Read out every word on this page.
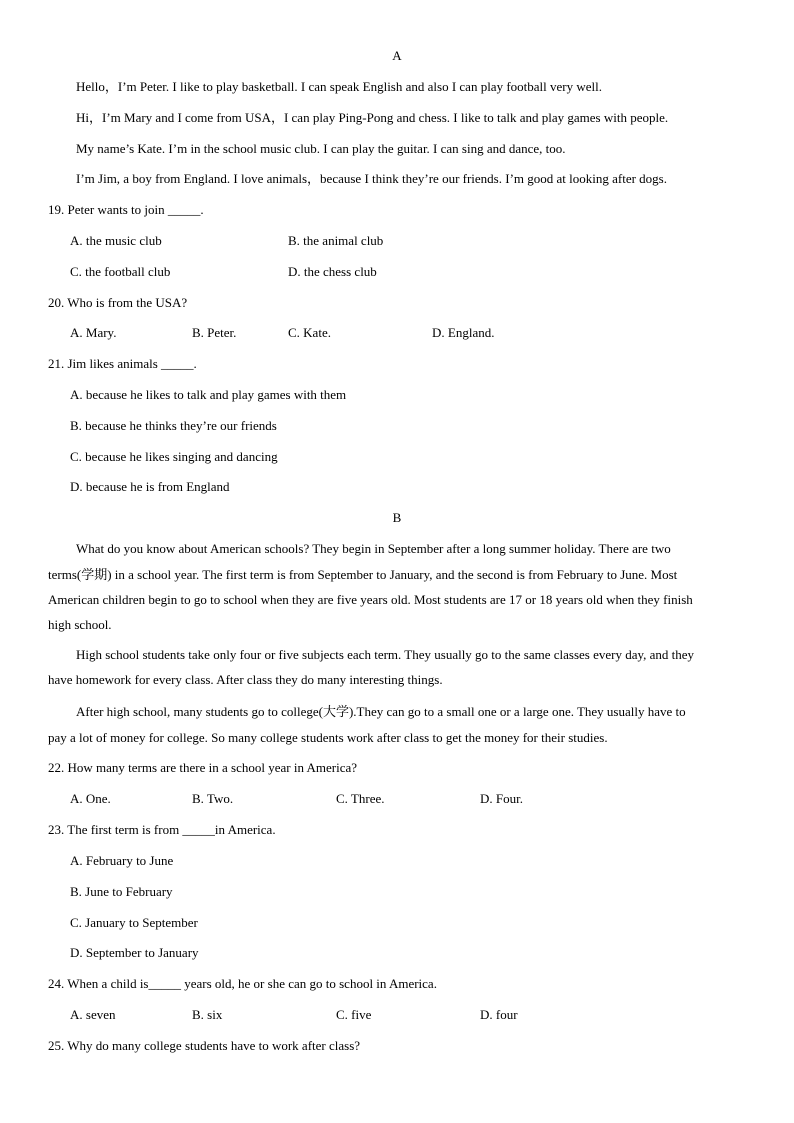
A
Hello，I’m Peter. I like to play basketball. I can speak English and also I can play football very well.
Hi，I’m Mary and I come from USA，I can play Ping-Pong and chess. I like to talk and play games with people.
My name’s Kate. I’m in the school music club. I can play the guitar. I can sing and dance, too.
I’m Jim, a boy from England. I love animals，because I think they’re our friends. I’m good at looking after dogs.
19. Peter wants to join _____.
A. the music club	B. the animal club
C. the football club	D. the chess club
20. Who is from the USA?
A. Mary.	B. Peter.	C. Kate.	D. England.
21. Jim likes animals _____.
A. because he likes to talk and play games with them
B. because he thinks they’re our friends
C. because he likes singing and dancing
D. because he is from England
B
What do you know about American schools? They begin in September after a long summer holiday. There are two
terms(学期) in a school year. The first term is from September to January, and the second is from February to June. Most
American children begin to go to school when they are five years old. Most students are 17 or 18 years old when they finish
high school.
High school students take only four or five subjects each term. They usually go to the same classes every day, and they
have homework for every class. After class they do many interesting things.
After high school, many students go to college(大学).They can go to a small one or a large one. They usually have to
pay a lot of money for college. So many college students work after class to get the money for their studies.
22. How many terms are there in a school year in America?
A. One.	B. Two.	C. Three.	D. Four.
23. The first term is from _____in America.
A. February to June
B. June to February
C. January to September
D. September to January
24. When a child is_____ years old, he or she can go to school in America.
A. seven	B. six	C. five	D. four
25. Why do many college students have to work after class?
